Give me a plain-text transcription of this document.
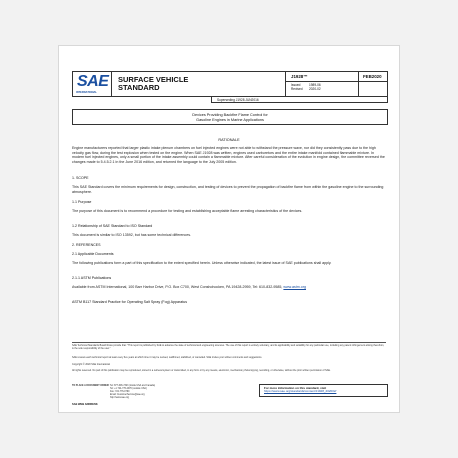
SAE
INTERNATIONAL
SURFACE VEHICLE
STANDARD
J1928™
Issued	1989-06
Revised 2020-02
FEB2020
Superseding J1928 JUN2016
Devices Providing Backfire Flame Control for
Gasoline Engines in Marine Applications
RATIONALE
Engine manufacturers reported that larger plastic intake plenum chambers on fuel injected engines were not able to withstand the pressure wave, nor did they consistently pass due to the high velocity gas flow, during the test explosion when tested on the engine. When SAE J1928 was written, engines used carburetors and the entire intake manifold contained flammable mixture. In modern fuel injected engines, only a small portion of the intake assembly could contain a flammable mixture. After careful consideration of the evolution in engine design, the committee reversed the changes made to 5.4.5.2.1 in the June 2016 edition, and returned the language to the July 2005 edition.
1. SCOPE
This SAE Standard covers the minimum requirements for design, construction, and testing of devices to prevent the propagation of backfire flame from within the gasoline engine to the surrounding atmosphere.
1.1 Purpose
The purpose of this document is to recommend a procedure for testing and establishing acceptable flame arresting characteristics of the devices.
1.2 Relationship of SAE Standard to ISO Standard
This document is similar to ISO 13592, but has some technical differences.
2. REFERENCES
2.1 Applicable Documents
The following publications form a part of this specification to the extent specified herein. Unless otherwise indicated, the latest issue of SAE publications shall apply.
2.1.1 ASTM Publications
Available from ASTM International, 100 Barr Harbor Drive, P.O. Box C700, West Conshohocken, PA 19428-2959, Tel: 610-832-9585, www.astm.org
ASTM B117 Standard Practice for Operating Salt Spray (Fog) Apparatus
SAE Technical Standards Board Rules provide that: "This report is published by SAE to advance the state of technical and engineering sciences. The use of this report is entirely voluntary, and its applicability and suitability for any particular use, including any patent infringement arising therefrom, is the sole responsibility of the user."
SAE reviews each technical report at least every five years at which time it may be revised, reaffirmed, stabilized, or cancelled. SAE invites your written comments and suggestions.
Copyright © 2020 SAE International
All rights reserved. No part of this publication may be reproduced, stored in a retrieval system or transmitted, in any form or by any means, electronic, mechanical, photocopying, recording, or otherwise, without the prior written permission of SAE.
TO PLACE A DOCUMENT ORDER: Tel: 877-606-7323 (inside USA and Canada)
Tel: +1 724-776-4970 (outside USA)
Fax: 724-776-0790
Email: CustomerService@sae.org
http://www.sae.org
For more information on this standard, visit
https://www.sae.org/standards/content/J1928_202002/
SAE WEB ADDRESS:
